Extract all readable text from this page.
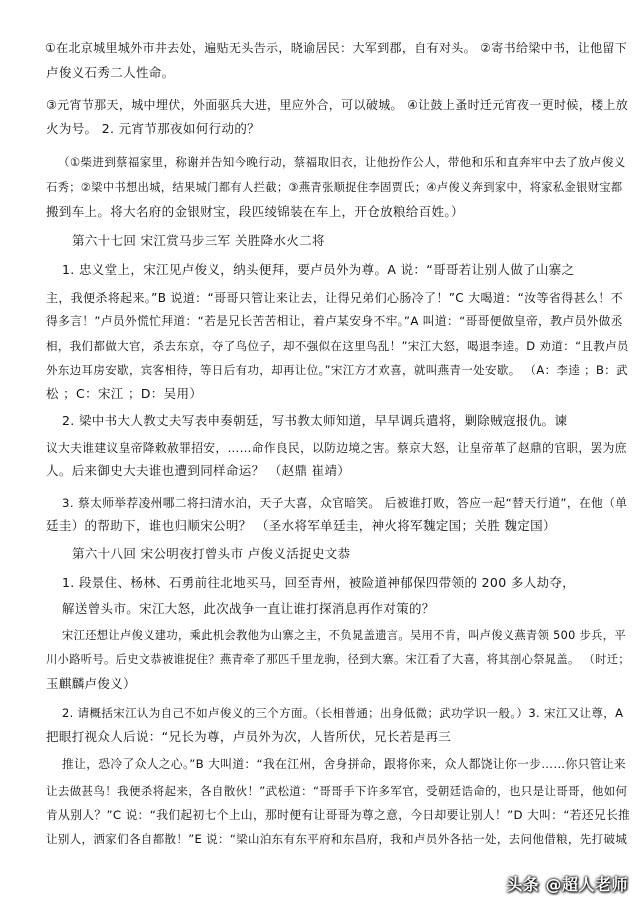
①在北京城里城外市井去处，遍贴无头告示，晓谕居民：大军到郡，自有对头。 ②寄书给梁中书，让他留下

卢俊义石秀二人性命。

③元宵节那天，城中埋伏，外面驱兵大进，里应外合，可以破城。 ④让鼓上蚤时迁元宵夜一更时候，楼上放

火为号。 2. 元宵节那夜如何行动的？

（①柴进到蔡福家里，称谢并告知今晚行动，蔡福取旧衣，让他扮作公人，带他和乐和直奔牢中去了放卢俊义

石秀；②梁中书想出城，结果城门都有人拦截；③燕青张顺捉住李固贾氏；④卢俊义奔到家中，将家私金银财宝都

搬到车上。将大名府的金银财宝，段匹绫锦装在车上，开仓放粮给百姓。）

第六十七回 宋江赏马步三军 关胜降水火二将

1. 忠义堂上，宋江见卢俊义，纳头便拜，要卢员外为尊。A 说：“哥哥若让别人做了山寨之

主，我便杀将起来。”B 说道：“哥哥只管让来让去，让得兄弟们心肠冷了！”C 大喝道：“汝等省得甚么！不

得多言！”卢员外慌忙拜道：“若是兄长苦苦相让，着卢某安身不牢。”A 叫道：“哥哥便做皇帝，教卢员外做丞

相，我们都做大官，杀去东京，夺了鸟位子，却不强似在这里鸟乱！”宋江大怒，喝退李逵。D 劝道：“且教卢员

外东边耳房安歇，宾客相待，等日后有功，却再让位。”宋江方才欢喜，就叫燕青一处安歇。 （A：李逵 ；B：武

松 ；C：宋江 ；D：吴用）

2. 梁中书大人教丈夫写表申奏朝廷，写书教太师知道，早早调兵遣将，剿除贼寇报仇。谏

议大夫谁建议皇帝降敕赦罪招安，……命作良民，以防边境之害。蔡京大怒，让皇帝革了赵鼎的官职，罢为庶

人。后来御史大夫谁也遭到同样命运？ （赵鼎 崔靖）

3. 蔡太师举荐凌州哪二将扫清水泊，天子大喜，众官暗笑。 后被谁打败，答应一起“替天行道”，在他（单

廷圭）的帮助下，谁也归顺宋公明？ （圣水将军单廷圭，神火将军魏定国；关胜 魏定国）

第六十八回 宋公明夜打曾头市 卢俊义活捉史文恭

1. 段景住、杨林、石勇前往北地买马，回至青州，被险道神郁保四带领的 200 多人劫夺，

解送曾头市。宋江大怒，此次战争一直让谁打探消息再作对策的？

宋江还想让卢俊义建功，乘此机会教他为山寨之主，不负晁盖遗言。吴用不肯，叫卢俊义燕青领 500 步兵，平

川小路听号。后史文恭被谁捉住？燕青牵了那匹千里龙驹，径到大寨。宋江看了大喜，将其剖心祭晁盖。 （时迁；

玉麒麟卢俊义）

2. 请概括宋江认为自己不如卢俊义的三个方面。（长相普通；出身低微；武功学识一般。）3. 宋江又让尊，A

把眼打视众人后说：“兄长为尊，卢员外为次，人皆所伏，兄长若是再三

推让，恐冷了众人之心。”B 大叫道：“我在江州，舍身拼命，跟将你来，众人都饶让你一步……你只管让来

让去做甚鸟！我便杀将起来，各自散伙！”武松道：“哥哥手下许多军官，受朝廷诰命的，也只是让哥哥，他如何

肯从别人？”C 说：“我们起初七个上山，那时便有让哥哥为尊之意，今日却要让别人！”D 大叫：“若还兄长推

让别人，洒家们各自都散！”E 说：“梁山泊东有东平府和东昌府，我和卢员外各拈一处，去问他借粮，先打破城

头条 @超人老师
